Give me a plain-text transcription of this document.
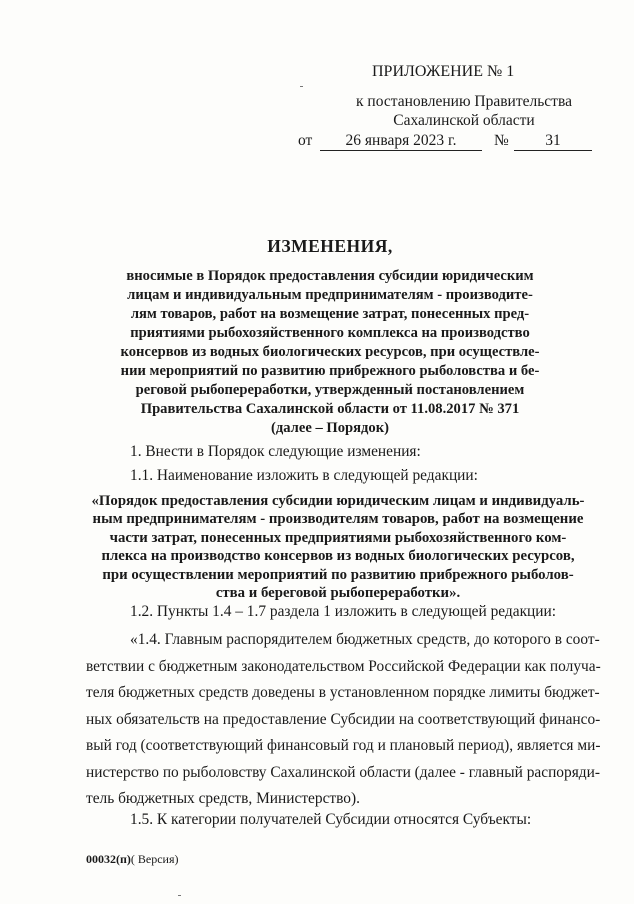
ПРИЛОЖЕНИЕ № 1
к постановлению Правительства
Сахалинской области
от	26 января 2023 г.	№	31
ИЗМЕНЕНИЯ,
вносимые в Порядок предоставления субсидии юридическим
лицам и индивидуальным предпринимателям - производите-
лям товаров, работ на возмещение затрат, понесенных пред-
приятиями рыбохозяйственного комплекса на производство
консервов из водных биологических ресурсов, при осуществле-
нии мероприятий по развитию прибрежного рыболовства и бе-
реговой рыбопереработки, утвержденный постановлением
Правительства Сахалинской области от 11.08.2017 № 371
(далее – Порядок)
1. Внести в Порядок следующие изменения:
1.1. Наименование изложить в следующей редакции:
«Порядок предоставления субсидии юридическим лицам и индивидуаль-
ным предпринимателям - производителям товаров, работ на возмещение
части затрат, понесенных предприятиями рыбохозяйственного ком-
плекса на производство консервов из водных биологических ресурсов,
при осуществлении мероприятий по развитию прибрежного рыболов-
ства и береговой рыбопереработки».
1.2. Пункты 1.4 – 1.7 раздела 1 изложить в следующей редакции:
«1.4. Главным распорядителем бюджетных средств, до которого в соот-
ветствии с бюджетным законодательством Российской Федерации как получа-
теля бюджетных средств доведены в установленном порядке лимиты бюджет-
ных обязательств на предоставление Субсидии на соответствующий финансо-
вый год (соответствующий финансовый год и плановый период), является ми-
нистерство по рыболовству Сахалинской области (далее - главный распоряди-
тель бюджетных средств, Министерство).
1.5. К категории получателей Субсидии относятся Субъекты:
00032(п)( Версия)
